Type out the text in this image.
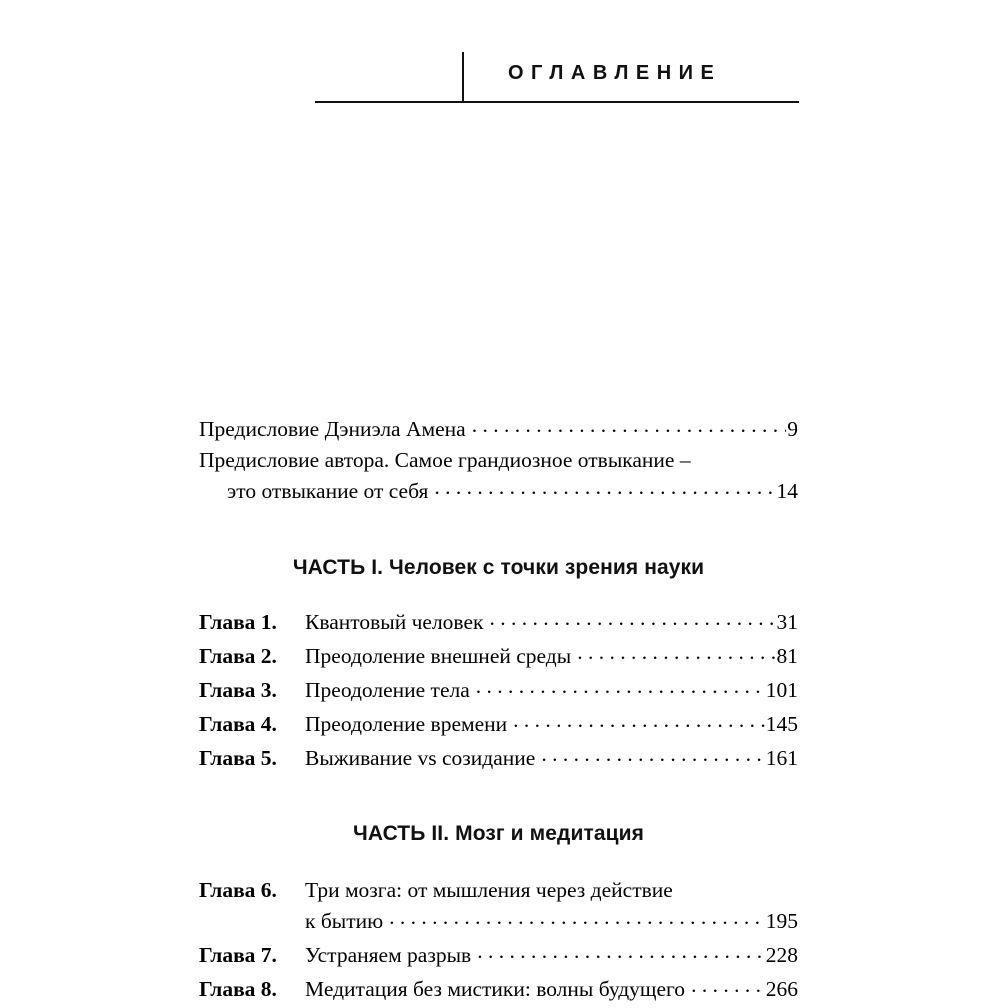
ОГЛАВЛЕНИЕ
Предисловие Дэниэла Амена . . .	9
Предисловие автора. Самое грандиозное отвыкание –
это отвыкание от себя . . .	14
ЧАСТЬ I. Человек с точки зрения науки
Глава 1.	Квантовый человек . . .	31
Глава 2.	Преодоление внешней среды . . .	81
Глава 3.	Преодоление тела . . .	101
Глава 4.	Преодоление времени . . .	145
Глава 5.	Выживание vs созидание . . .	161
ЧАСТЬ II. Мозг и медитация
Глава 6.	Три мозга: от мышления через действие
к бытию . . .	195
Глава 7.	Устраняем разрыв . . .	228
Глава 8.	Медитация без мистики: волны будущего . . .	266
